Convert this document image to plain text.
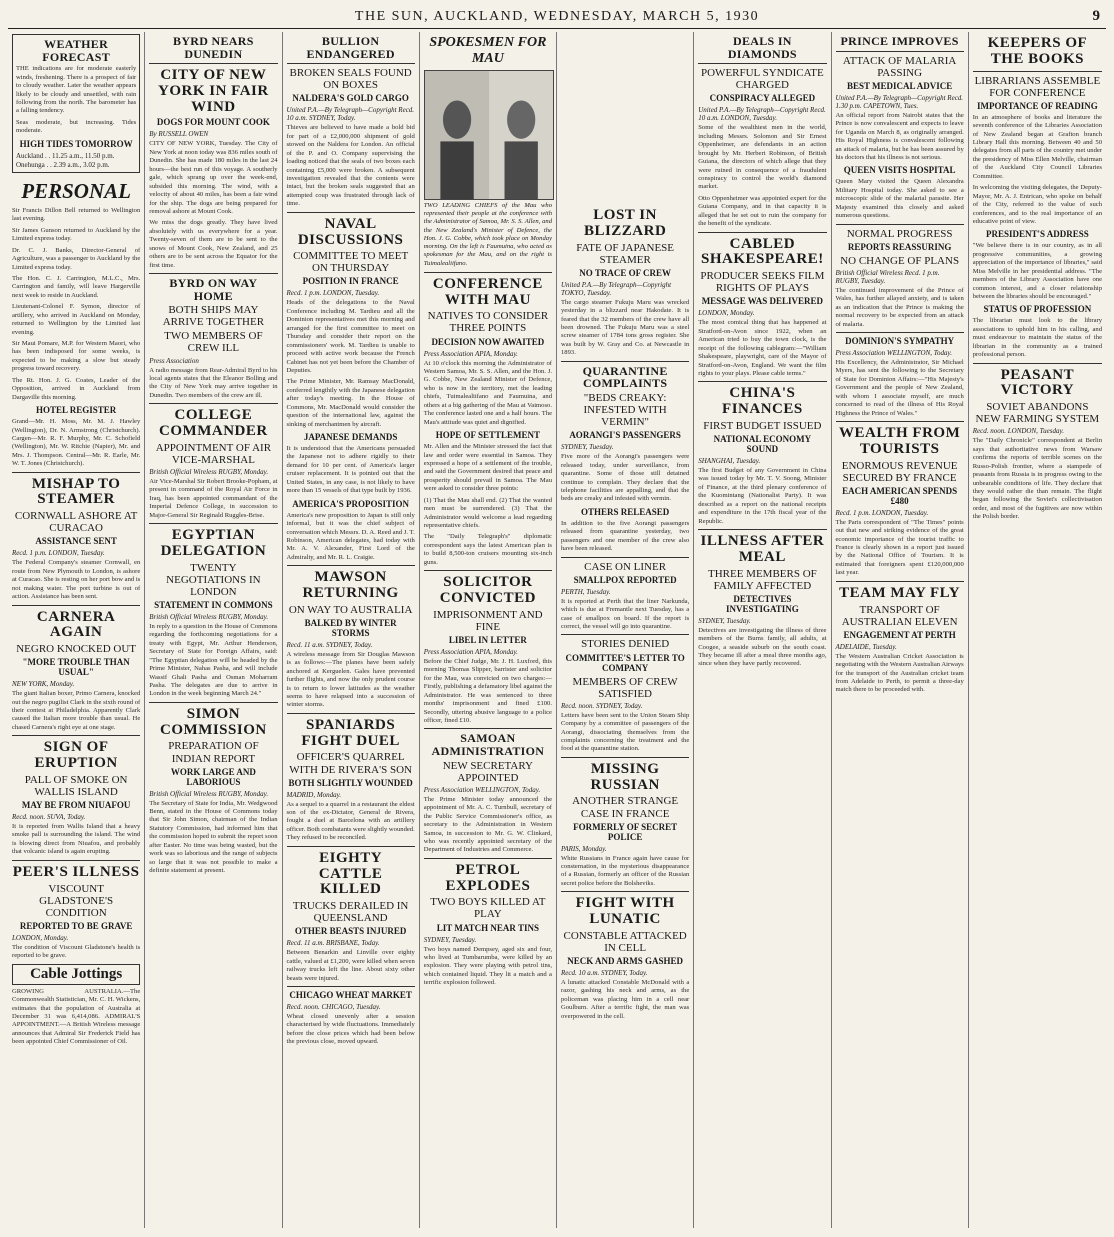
THE SUN, AUCKLAND, WEDNESDAY, MARCH 5, 1930	9
WEATHER FORECAST

THE indications are for moderate easterly winds, freshening. There is a prospect of fair to cloudy weather. Later the weather appears likely to be cloudy and unsettled, with rain following from the north. The barometer has a falling tendency.

Seas moderate, but increasing. Tides moderate.

HIGH TIDES TOMORROW

Auckland . . 11.25 a.m., 11.50 p.m.

Onehunga . . 2.39 a.m., 3.02 p.m.

PERSONAL

Sir Francis Dillon Bell returned to Wellington last evening.

Sir James Gunson returned to Auckland by the Limited express today.

Dr. C. J. Banks, Director-General of Agriculture, was a passenger to Auckland by the Limited express today.

The Hon. C. J. Carrington, M.L.C., Mrs. Carrington and family, will leave Hargerville next week to reside in Auckland.

Lieutenant-Colonel F. Symon, director of artillery, who arrived in Auckland on Monday, returned to Wellington by the Limited last evening.

Sir Maui Pomare, M.P. for Western Maori, who has been indisposed for some weeks, is expected to be making a slow but steady progress toward recovery.

The Rt. Hon. J. G. Coates, Leader of the Opposition, arrived in Auckland from Dargaville this morning.

HOTEL REGISTER

Grand—Mr. H. Moss, Mr. M. J. Hawley (Wellington), Dr. N. Armstrong (Christchurch). Cargen—Mr. R. F. Murphy, Mr. C. Schofield (Wellington), Mr. W. Ritchie (Napier), Mr. and Mrs. J. Thompson. Central—Mr. R. Earle, Mr. W. T. Jones (Christchurch).

MISHAP TO STEAMER
CORNWALL ASHORE AT CURACAO
ASSISTANCE SENT

Recd. 1 p.m. LONDON, Tuesday.

The Federal Company's steamer Cornwall, en route from New Plymouth to London, is ashore at Curacao. She is resting on her port bow and is not making water. The port turbine is out of action. Assistance has been sent.

CARNERA AGAIN
NEGRO KNOCKED OUT
"MORE TROUBLE THAN USUAL"

NEW YORK, Monday.

The giant Italian boxer, Primo Carnera, knocked out the negro pugilist Clark in the sixth round of their contest at Philadelphia. Apparently Clark caused the Italian more trouble than usual. He chased Carnera's right eye at one stage.

SIGN OF ERUPTION
PALL OF SMOKE ON WALLIS ISLAND
MAY BE FROM NIUAFOU

Recd. noon. SUVA, Today.

It is reported from Wallis Island that a heavy smoke pall is surrounding the island. The wind is blowing direct from Niuafou, and probably that volcanic island is again erupting.

PEER'S ILLNESS
VISCOUNT GLADSTONE'S CONDITION
REPORTED TO BE GRAVE

LONDON, Monday.

The condition of Viscount Gladstone's health is reported to be grave.

Cable Jottings

GROWING AUSTRALIA.—The Commonwealth Statistician, Mr. C. H. Wickens, estimates that the population of Australia at December 31 was 6,414,086. ADMIRAL'S APPOINTMENT.—A British Wireless message announces that Admiral Sir Frederick Field has been appointed Chief Commissioner of Oil.

BYRD NEARS DUNEDIN
CITY OF NEW YORK IN FAIR WIND
DOGS FOR MOUNT COOK

By RUSSELL OWEN

CITY OF NEW YORK, Tuesday. The City of New York at noon today was 836 miles south of Dunedin. She has made 180 miles in the last 24 hours—the best run of this voyage. A southerly gale, which sprang up over the week-end, subsided this morning. The wind, with a velocity of about 40 miles, has been a fair wind for the ship. The dogs are being prepared for removal ashore at Mount Cook.

We miss the dogs greatly. They have lived absolutely with us everywhere for a year. Twenty-seven of them are to be sent to the snows of Mount Cook, New Zealand, and 25 others are to be sent across the Equator for the first time.

BYRD ON WAY HOME
BOTH SHIPS MAY ARRIVE TOGETHER
TWO MEMBERS OF CREW ILL

Press Association

A radio message from Rear-Admiral Byrd to his local agents states that the Eleanor Bolling and the City of New York may arrive together in Dunedin. Two members of the crew are ill.

COLLEGE COMMANDER
APPOINTMENT OF AIR VICE-MARSHAL

British Official Wireless RUGBY, Monday.

Air Vice-Marshal Sir Robert Brooke-Popham, at present in command of the Royal Air Force in Iraq, has been appointed commandant of the Imperial Defence College, in succession to Major-General Sir Reginald Ruggles-Brise.

EGYPTIAN DELEGATION
TWENTY NEGOTIATIONS IN LONDON
STATEMENT IN COMMONS

British Official Wireless RUGBY, Monday.

In reply to a question in the House of Commons regarding the forthcoming negotiations for a treaty with Egypt, Mr. Arthur Henderson, Secretary of State for Foreign Affairs, said: "The Egyptian delegation will be headed by the Prime Minister, Nahas Pasha, and will include Wassif Ghali Pasha and Osman Moharram Pasha. The delegates are due to arrive in London in the week beginning March 24."

SIMON COMMISSION
PREPARATION OF INDIAN REPORT
WORK LARGE AND LABORIOUS

British Official Wireless RUGBY, Monday.

The Secretary of State for India, Mr. Wedgwood Benn, stated in the House of Commons today that Sir John Simon, chairman of the Indian Statutory Commission, had informed him that the commission hoped to submit the report soon after Easter. No time was being wasted, but the work was so laborious and the range of subjects so large that it was not possible to make a definite statement at present.

BULLION ENDANGERED
BROKEN SEALS FOUND ON BOXES
NALDERA'S GOLD CARGO

United P.A.—By Telegraph—Copyright Recd. 10 a.m. SYDNEY, Today.

Thieves are believed to have made a bold bid for part of a £2,000,000 shipment of gold stowed on the Naldera for London. An official of the P. and O. Company supervising the loading noticed that the seals of two boxes each containing £5,000 were broken. A subsequent investigation revealed that the contents were intact, but the broken seals suggested that an attempted coup was frustrated through lack of time.

NAVAL DISCUSSIONS
COMMITTEE TO MEET ON THURSDAY
POSITION IN FRANCE

Recd. 1 p.m. LONDON, Tuesday.

Heads of the delegations to the Naval Conference including M. Tardieu and all the Dominion representatives met this morning and arranged for the first committee to meet on Thursday and consider their report on the commissioners' work. M. Tardieu is unable to proceed with active work because the French Cabinet has not yet been before the Chamber of Deputies.

The Prime Minister, Mr. Ramsay MacDonald, conferred lengthily with the Japanese delegation after today's meeting. In the House of Commons, Mr. MacDonald would consider the question of the international law, against the sinking of merchantmen by aircraft.

JAPANESE DEMANDS

It is understood that the Americans persuaded the Japanese not to adhere rigidly to their demand for 10 per cent. of America's larger cruiser replacement. It is pointed out that the United States, in any case, is not likely to have more than 15 vessels of that type built by 1936.

AMERICA'S PROPOSITION

America's new proposition to Japan is still only informal, but it was the chief subject of conversation which Messrs. D. A. Reed and J. T. Robinson, American delegates, had today with Mr. A. V. Alexander, First Lord of the Admiralty, and Mr. R. L. Craigie.

MAWSON RETURNING
ON WAY TO AUSTRALIA
BALKED BY WINTER STORMS

Recd. 11 a.m. SYDNEY, Today.

A wireless message from Sir Douglas Mawson is as follows:—The planes have been safely anchored at Kerguelen. Gales have prevented further flights, and now the only prudent course is to return to lower latitudes as the weather seems to have relapsed into a succession of winter storms.

SPANIARDS FIGHT DUEL
OFFICER'S QUARREL WITH DE RIVERA'S SON
BOTH SLIGHTLY WOUNDED

MADRID, Monday.

As a sequel to a quarrel in a restaurant the eldest son of the ex-Dictator, General de Rivera, fought a duel at Barcelona with an artillery officer. Both combatants were slightly wounded. They refused to be reconciled.

EIGHTY CATTLE KILLED
TRUCKS DERAILED IN QUEENSLAND
OTHER BEASTS INJURED

Recd. 11 a.m. BRISBANE, Today.

Between Benarkin and Linville over eighty cattle, valued at £1,200, were killed when seven railway trucks left the line. About sixty other beasts were injured.

CHICAGO WHEAT MARKET

Recd. noon. CHICAGO, Tuesday.

Wheat closed unevenly after a session characterised by wide fluctuations. Immediately before the close prices which had been below the previous close, moved upward.

SPOKESMEN FOR MAU

TWO LEADING CHIEFS of the Mau who represented their people at the conference with the Administrator of Samoa, Mr. S. S. Allen, and the New Zealand's Minister of Defence, the Hon. J. G. Cobbe, which took place on Monday morning. On the left is Faumuina, who acted as spokesman for the Mau, and on the right is Tuimalealiifano.

CONFERENCE WITH MAU
NATIVES TO CONSIDER THREE POINTS
DECISION NOW AWAITED

Press Association APIA, Monday.

At 10 o'clock this morning the Administrator of Western Samoa, Mr. S. S. Allen, and the Hon. J. G. Cobbe, New Zealand Minister of Defence, who is now in the territory, met the leading chiefs, Tuimalealiifano and Faumuina, and others at a big gathering of the Mau at Vaimoso. The conference lasted one and a half hours. The Mau's attitude was quiet and dignified.

HOPE OF SETTLEMENT

Mr. Allen and the Minister stressed the fact that law and order were essential in Samoa. They expressed a hope of a settlement of the trouble, and said the Government desired that peace and prosperity should prevail in Samoa. The Mau were asked to consider three points:

(1) That the Mau shall end. (2) That the wanted men must be surrendered. (3) That the Administrator would welcome a lead regarding representative chiefs.

The "Daily Telegraph's" diplomatic correspondent says the latest American plan is to build 8,500-ton cruisers mounting six-inch guns.

SOLICITOR CONVICTED
IMPRISONMENT AND FINE
LIBEL IN LETTER

Press Association APIA, Monday.

Before the Chief Judge, Mr. J. H. Luxford, this morning Thomas Slipper, barrister and solicitor for the Mau, was convicted on two charges:—Firstly, publishing a defamatory libel against the Administrator. He was sentenced to three months' imprisonment and fined £100. Secondly, uttering abusive language to a police officer, fined £10.

SAMOAN ADMINISTRATION
NEW SECRETARY APPOINTED

Press Association WELLINGTON, Today.

The Prime Minister today announced the appointment of Mr. A. C. Turnbull, secretary of the Public Service Commissioner's office, as secretary to the Administration in Western Samoa, in succession to Mr. G. W. Clinkard, who was recently appointed secretary of the Department of Industries and Commerce.

PETROL EXPLODES
TWO BOYS KILLED AT PLAY
LIT MATCH NEAR TINS

SYDNEY, Tuesday.

Two boys named Dempsey, aged six and four, who lived at Tumbarumba, were killed by an explosion. They were playing with petrol tins, which contained liquid. They lit a match and a terrific explosion followed.

LOST IN BLIZZARD
FATE OF JAPANESE STEAMER
NO TRACE OF CREW

United P.A.—By Telegraph—Copyright TOKYO, Tuesday.

The cargo steamer Fukuju Maru was wrecked yesterday in a blizzard near Hakodate. It is feared that the 32 members of the crew have all been drowned. The Fukuju Maru was a steel screw steamer of 1784 tons gross register. She was built by W. Gray and Co. at Newcastle in 1893.

QUARANTINE COMPLAINTS
"BEDS CREAKY: INFESTED WITH VERMIN"
AORANGI'S PASSENGERS

SYDNEY, Tuesday.

Five more of the Aorangi's passengers were released today, under surveillance, from quarantine. Some of those still detained continue to complain. They declare that the telephone facilities are appalling, and that the beds are creaky and infested with vermin.

OTHERS RELEASED

In addition to the five Aorangi passengers released from quarantine yesterday, two passengers and one member of the crew also have been released.

CASE ON LINER
SMALLPOX REPORTED

PERTH, Tuesday.

It is reported at Perth that the liner Narkunda, which is due at Fremantle next Tuesday, has a case of smallpox on board. If the report is correct, the vessel will go into quarantine.

STORIES DENIED
COMMITTEE'S LETTER TO COMPANY
MEMBERS OF CREW SATISFIED

Recd. noon. SYDNEY, Today.

Letters have been sent to the Union Steam Ship Company by a committee of passengers of the Aorangi, dissociating themselves from the complaints concerning the treatment and the food at the quarantine station.

MISSING RUSSIAN
ANOTHER STRANGE CASE IN FRANCE
FORMERLY OF SECRET POLICE

PARIS, Monday.

White Russians in France again have cause for consternation, in the mysterious disappearance of a Russian, formerly an officer of the Russian secret police before the Bolsheviks.

FIGHT WITH LUNATIC
CONSTABLE ATTACKED IN CELL
NECK AND ARMS GASHED

Recd. 10 a.m. SYDNEY, Today.

A lunatic attacked Constable McDonald with a razor, gashing his neck and arms, as the policeman was placing him in a cell near Goulburn. After a terrific fight, the man was overpowered in the cell.

DEALS IN DIAMONDS
POWERFUL SYNDICATE CHARGED
CONSPIRACY ALLEGED

United P.A.—By Telegraph—Copyright Recd. 10 a.m. LONDON, Tuesday.

Some of the wealthiest men in the world, including Messrs. Solomon and Sir Ernest Oppenheimer, are defendants in an action brought by Mr. Herbert Robinson, of British Guiana, the directors of which allege that they were ruined in consequence of a fraudulent conspiracy to control the world's diamond market.

Otto Oppenheimer was appointed expert for the Guiana Company, and in that capacity it is alleged that he set out to ruin the company for the benefit of the syndicate.

CABLED SHAKESPEARE!
PRODUCER SEEKS FILM RIGHTS OF PLAYS
MESSAGE WAS DELIVERED

LONDON, Monday.

The most comical thing that has happened at Stratford-on-Avon since 1922, when an American tried to buy the town clock, is the receipt of the following cablegram:—"William Shakespeare, playwright, care of the Mayor of Stratford-on-Avon, England. We want the film rights to your plays. Please cable terms."

CHINA'S FINANCES
FIRST BUDGET ISSUED
NATIONAL ECONOMY SOUND

SHANGHAI, Tuesday.

The first Budget of any Government in China was issued today by Mr. T. V. Soong, Minister of Finance, at the third plenary conference of the Kuomintang (Nationalist Party). It was described as a report on the national receipts and expenditure in the 17th fiscal year of the Republic.

ILLNESS AFTER MEAL
THREE MEMBERS OF FAMILY AFFECTED
DETECTIVES INVESTIGATING

SYDNEY, Tuesday.

Detectives are investigating the illness of three members of the Burns family, all adults, at Coogee, a seaside suburb on the south coast. They became ill after a meal three months ago, since when they have partly recovered.

PRINCE IMPROVES
ATTACK OF MALARIA PASSING
BEST MEDICAL ADVICE

United P.A.—By Telegraph—Copyright Recd. 1.30 p.m. CAPETOWN, Tues.

An official report from Nairobi states that the Prince is now convalescent and expects to leave for Uganda on March 8, as originally arranged. His Royal Highness is convalescent following an attack of malaria, but he has been assured by his doctors that his illness is not serious.

QUEEN VISITS HOSPITAL

Queen Mary visited the Queen Alexandra Military Hospital today. She asked to see a microscopic slide of the malarial parasite. Her Majesty examined this closely and asked numerous questions.

NORMAL PROGRESS
REPORTS REASSURING
NO CHANGE OF PLANS

British Official Wireless Recd. 1 p.m. RUGBY, Tuesday.

The continued improvement of the Prince of Wales, has further allayed anxiety, and is taken as an indication that the Prince is making the normal recovery to be expected from an attack of malaria.

DOMINION'S SYMPATHY

Press Association WELLINGTON, Today.

His Excellency, the Administrator, Sir Michael Myers, has sent the following to the Secretary of State for Dominion Affairs:—"His Majesty's Government and the people of New Zealand, with whom I associate myself, are much concerned to read of the illness of His Royal Highness the Prince of Wales."

WEALTH FROM TOURISTS
ENORMOUS REVENUE SECURED BY FRANCE
EACH AMERICAN SPENDS £480

Recd. 1 p.m. LONDON, Tuesday.

The Paris correspondent of "The Times" points out that new and striking evidence of the great economic importance of the tourist traffic to France is clearly shown in a report just issued by the National Office of Tourism. It is estimated that foreigners spent £120,000,000 last year.

TEAM MAY FLY
TRANSPORT OF AUSTRALIAN ELEVEN
ENGAGEMENT AT PERTH

ADELAIDE, Tuesday.

The Western Australian Cricket Association is negotiating with the Western Australian Airways for the transport of the Australian cricket team from Adelaide to Perth, to permit a three-day match there to be proceeded with.

KEEPERS OF THE BOOKS
LIBRARIANS ASSEMBLE FOR CONFERENCE
IMPORTANCE OF READING

In an atmosphere of books and literature the seventh conference of the Libraries Association of New Zealand began at Grafton branch Library Hall this morning. Between 40 and 50 delegates from all parts of the country met under the presidency of Miss Ellen Melville, chairman of the Auckland City Council Libraries Committee.

In welcoming the visiting delegates, the Deputy-Mayor, Mr. A. J. Entrican, who spoke on behalf of the City, referred to the value of such conferences, and to the real importance of an educative point of view.

PRESIDENT'S ADDRESS

"We believe there is in our country, as in all progressive communities, a growing appreciation of the importance of libraries," said Miss Melville in her presidential address. "The members of the Library Association have one common interest, and a closer relationship between the libraries should be encouraged."

STATUS OF PROFESSION

The librarian must look to the library associations to uphold him in his calling, and must endeavour to maintain the status of the librarian in the community as a trained professional person.

PEASANT VICTORY
SOVIET ABANDONS NEW FARMING SYSTEM

Recd. noon. LONDON, Tuesday.

The "Daily Chronicle" correspondent at Berlin says that authoritative news from Warsaw confirms the reports of terrible scenes on the Russo-Polish frontier, where a stampede of peasants from Russia is in progress owing to the unbearable conditions of life. They declare that they would rather die than remain. The flight began following the Soviet's collectivisation order, and most of the fugitives are now within the Polish border.
